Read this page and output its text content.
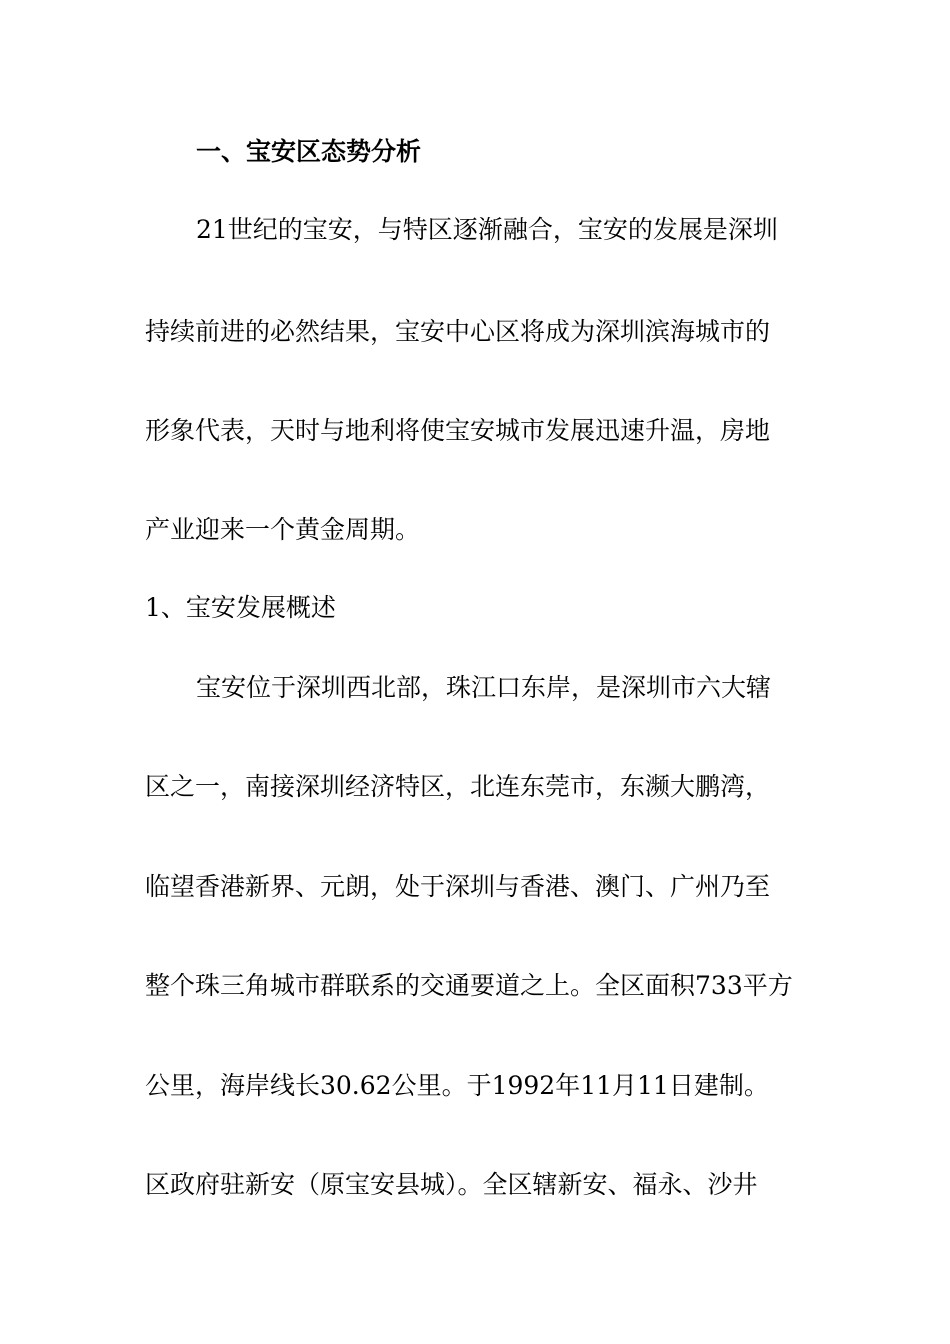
一、宝安区态势分析
21世纪的宝安，与特区逐渐融合，宝安的发展是深圳
持续前进的必然结果，宝安中心区将成为深圳滨海城市的
形象代表，天时与地利将使宝安城市发展迅速升温，房地
产业迎来一个黄金周期。
1、宝安发展概述
宝安位于深圳西北部，珠江口东岸，是深圳市六大辖
区之一，南接深圳经济特区，北连东莞市，东濒大鹏湾，
临望香港新界、元朗，处于深圳与香港、澳门、广州乃至
整个珠三角城市群联系的交通要道之上。全区面积733平方
公里，海岸线长30.62公里。于1992年11月11日建制。
区政府驻新安（原宝安县城）。全区辖新安、福永、沙井
